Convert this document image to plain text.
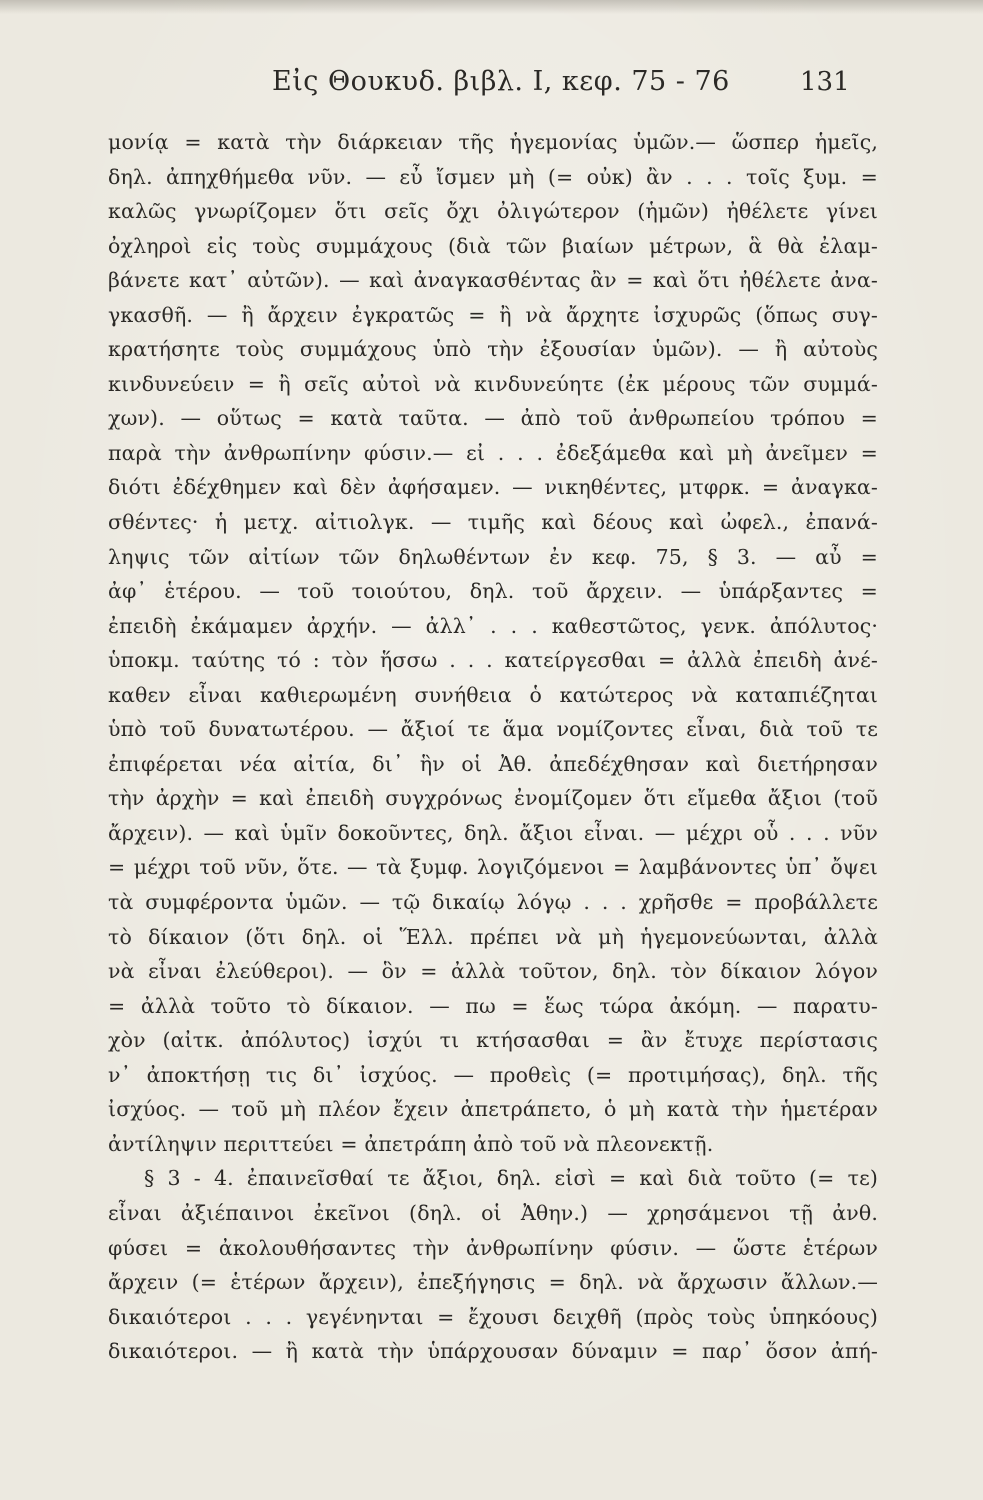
Εἰς Θουκυδ. βιβλ. I, κεφ. 75 - 76	131
μονίᾳ = κατὰ τὴν διάρκειαν τῆς ἡγεμονίας ὑμῶν.— ὥσπερ ἡμεῖς,
δηλ. ἀπηχθήμεθα νῦν. — εὖ ἴσμεν μὴ (= οὐκ) ἂν . . . τοῖς ξυμ. =
καλῶς γνωρίζομεν ὅτι σεῖς ὄχι ὀλιγώτερον (ἡμῶν) ἠθέλετε γίνει
ὀχληροὶ εἰς τοὺς συμμάχους (διὰ τῶν βιαίων μέτρων, ἃ θὰ ἐλαμ-
βάνετε κατ᾽ αὐτῶν). — καὶ ἀναγκασθέντας ἂν = καὶ ὅτι ἠθέλετε ἀνα-
γκασθῆ. — ἢ ἄρχειν ἐγκρατῶς = ἢ νὰ ἄρχητε ἰσχυρῶς (ὅπως συγ-
κρατήσητε τοὺς συμμάχους ὑπὸ τὴν ἐξουσίαν ὑμῶν). — ἢ αὐτοὺς
κινδυνεύειν = ἢ σεῖς αὐτοὶ νὰ κινδυνεύητε (ἐκ μέρους τῶν συμμά-
χων). — οὕτως = κατὰ ταῦτα. — ἀπὸ τοῦ ἀνθρωπείου τρόπου =
παρὰ τὴν ἀνθρωπίνην φύσιν.— εἰ . . . ἐδεξάμεθα καὶ μὴ ἀνεῖμεν =
διότι ἐδέχθημεν καὶ δὲν ἀφήσαμεν. — νικηθέντες, μτφρκ. = ἀναγκα-
σθέντες· ἡ μετχ. αἰτιολγκ. — τιμῆς καὶ δέους καὶ ὠφελ., ἐπανά-
ληψις τῶν αἰτίων τῶν δηλωθέντων ἐν κεφ. 75, § 3. — αὖ =
ἀφ᾽ ἑτέρου. — τοῦ τοιούτου, δηλ. τοῦ ἄρχειν. — ὑπάρξαντες =
ἐπειδὴ ἐκάμαμεν ἀρχήν. — ἀλλ᾽ . . . καθεστῶτος, γενκ. ἀπόλυτος·
ὑποκμ. ταύτης τό : τὸν ἥσσω . . . κατείργεσθαι = ἀλλὰ ἐπειδὴ ἀνέ-
καθεν εἶναι καθιερωμένη συνήθεια ὁ κατώτερος νὰ καταπιέζηται
ὑπὸ τοῦ δυνατωτέρου. — ἄξιοί τε ἅμα νομίζοντες εἶναι, διὰ τοῦ τε
ἐπιφέρεται νέα αἰτία, δι᾽ ἣν οἱ Ἀθ. ἀπεδέχθησαν καὶ διετήρησαν
τὴν ἀρχὴν = καὶ ἐπειδὴ συγχρόνως ἐνομίζομεν ὅτι εἴμεθα ἄξιοι (τοῦ
ἄρχειν). — καὶ ὑμῖν δοκοῦντες, δηλ. ἄξιοι εἶναι. — μέχρι οὗ . . . νῦν
= μέχρι τοῦ νῦν, ὅτε. — τὰ ξυμφ. λογιζόμενοι = λαμβάνοντες ὑπ᾽ ὄψει
τὰ συμφέροντα ὑμῶν. — τῷ δικαίῳ λόγῳ . . . χρῆσθε = προβάλλετε
τὸ δίκαιον (ὅτι δηλ. οἱ Ἕλλ. πρέπει νὰ μὴ ἡγεμονεύωνται, ἀλλὰ
νὰ εἶναι ἐλεύθεροι). — ὃν = ἀλλὰ τοῦτον, δηλ. τὸν δίκαιον λόγον
= ἀλλὰ τοῦτο τὸ δίκαιον. — πω = ἕως τώρα ἀκόμη. — παρατυ-
χὸν (αἰτκ. ἀπόλυτος) ἰσχύι τι κτήσασθαι = ἂν ἔτυχε περίστασις
ν᾽ ἀποκτήσῃ τις δι᾽ ἰσχύος. — προθεὶς (= προτιμήσας), δηλ. τῆς
ἰσχύος. — τοῦ μὴ πλέον ἔχειν ἀπετράπετο, ὁ μὴ κατὰ τὴν ἡμετέραν
ἀντίληψιν περιττεύει = ἀπετράπη ἀπὸ τοῦ νὰ πλεονεκτῇ.
§ 3 - 4. ἐπαινεῖσθαί τε ἄξιοι, δηλ. εἰσὶ = καὶ διὰ τοῦτο (= τε)
εἶναι ἀξιέπαινοι ἐκεῖνοι (δηλ. οἱ Ἀθην.) — χρησάμενοι τῇ ἀνθ.
φύσει = ἀκολουθήσαντες τὴν ἀνθρωπίνην φύσιν. — ὥστε ἑτέρων
ἄρχειν (= ἑτέρων ἄρχειν), ἐπεξήγησις = δηλ. νὰ ἄρχωσιν ἄλλων.—
δικαιότεροι . . . γεγένηνται = ἔχουσι δειχθῆ (πρὸς τοὺς ὑπηκόους)
δικαιότεροι. — ἢ κατὰ τὴν ὑπάρχουσαν δύναμιν = παρ᾽ ὅσον ἀπή-
